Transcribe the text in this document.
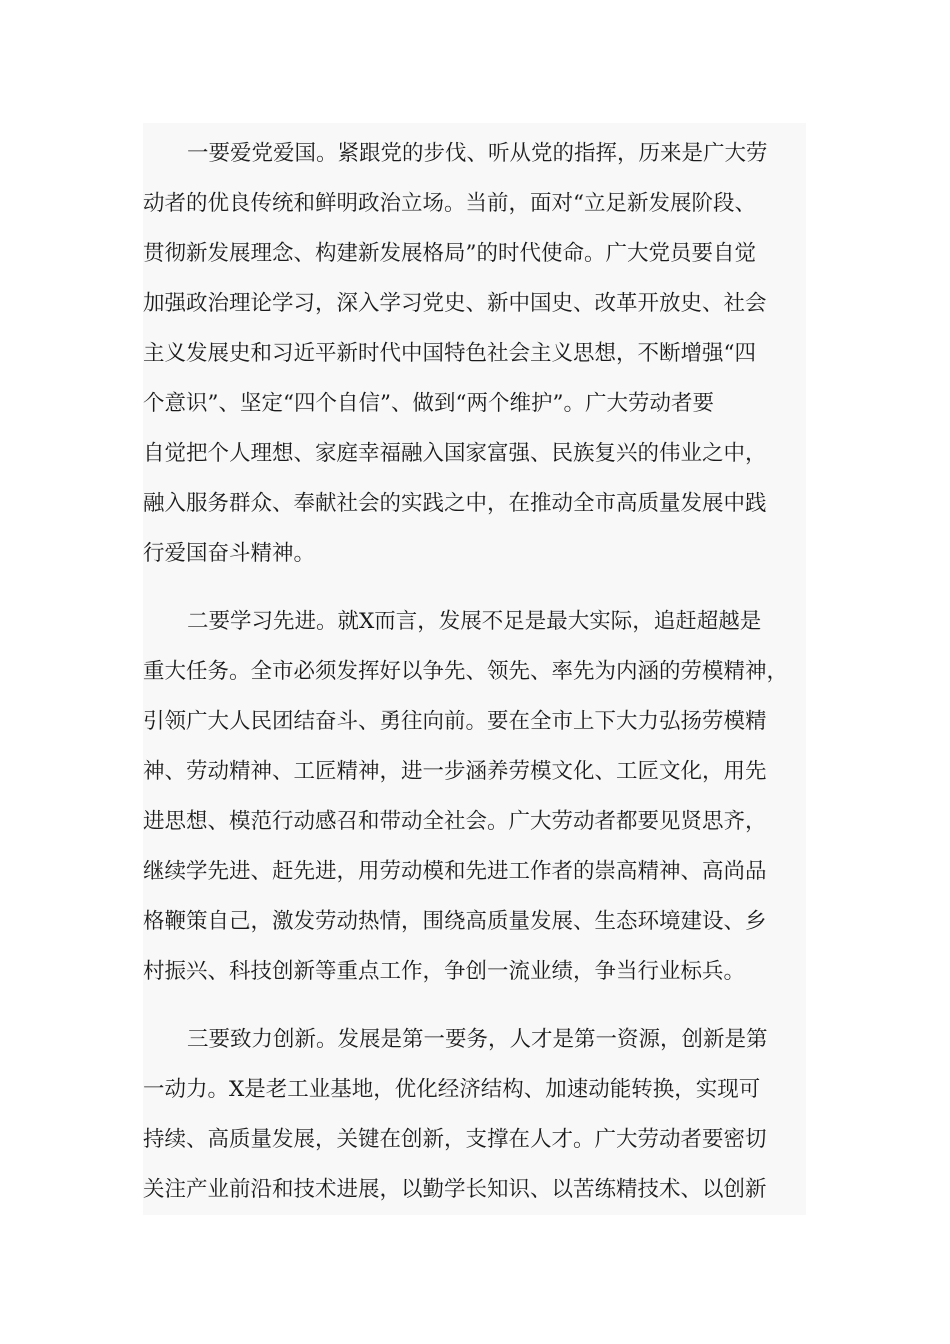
一要爱党爱国。紧跟党的步伐、听从党的指挥，历来是广大劳
动者的优良传统和鲜明政治立场。当前，面对“立足新发展阶段、
贯彻新发展理念、构建新发展格局”的时代使命。广大党员要自觉
加强政治理论学习，深入学习党史、新中国史、改革开放史、社会
主义发展史和习近平新时代中国特色社会主义思想，不断增强“四
个意识”、坚定“四个自信”、做到“两个维护”。广大劳动者要
自觉把个人理想、家庭幸福融入国家富强、民族复兴的伟业之中，
融入服务群众、奉献社会的实践之中，在推动全市高质量发展中践
行爱国奋斗精神。
二要学习先进。就X而言，发展不足是最大实际，追赶超越是
重大任务。全市必须发挥好以争先、领先、率先为内涵的劳模精神，
引领广大人民团结奋斗、勇往向前。要在全市上下大力弘扬劳模精
神、劳动精神、工匠精神，进一步涵养劳模文化、工匠文化，用先
进思想、模范行动感召和带动全社会。广大劳动者都要见贤思齐，
继续学先进、赶先进，用劳动模和先进工作者的崇高精神、高尚品
格鞭策自己，激发劳动热情，围绕高质量发展、生态环境建设、乡
村振兴、科技创新等重点工作，争创一流业绩，争当行业标兵。
三要致力创新。发展是第一要务，人才是第一资源，创新是第
一动力。X是老工业基地，优化经济结构、加速动能转换，实现可
持续、高质量发展，关键在创新，支撑在人才。广大劳动者要密切
关注产业前沿和技术进展，以勤学长知识、以苦练精技术、以创新
